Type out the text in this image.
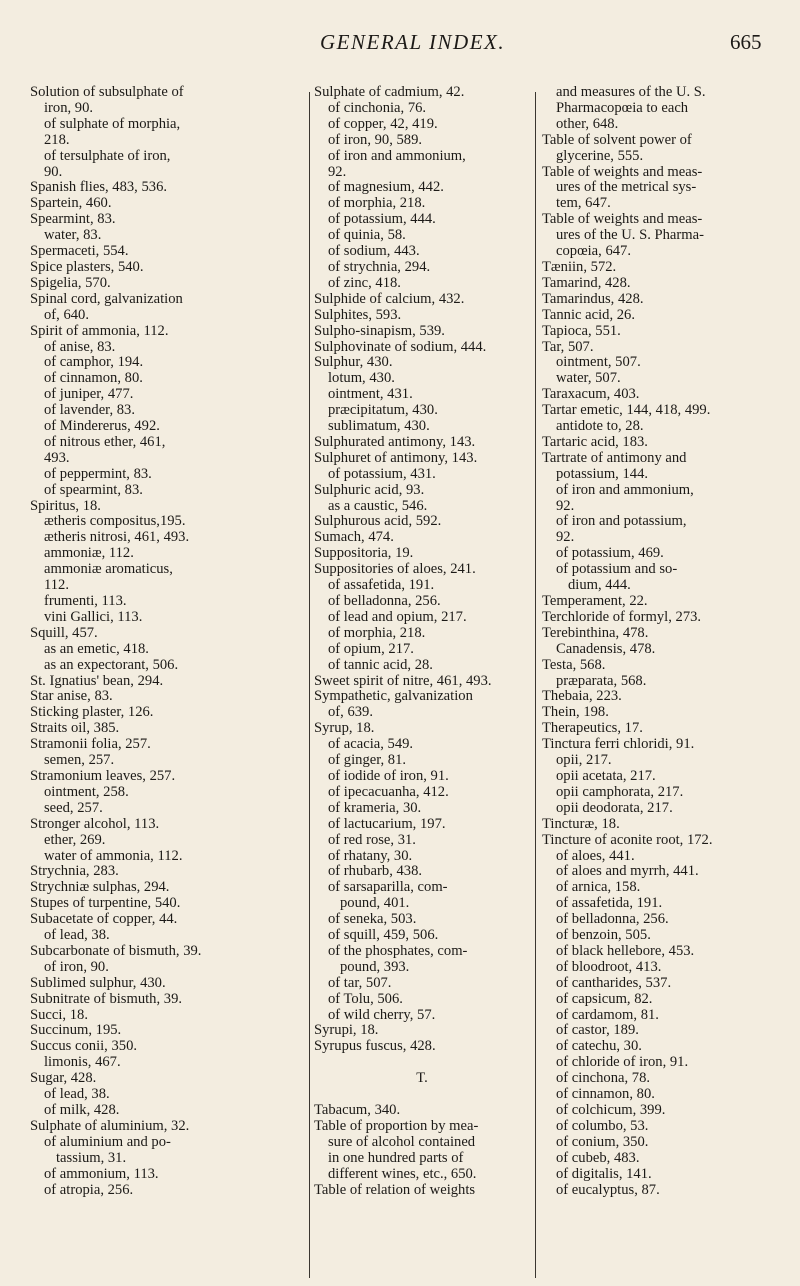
GENERAL INDEX.	665
Solution of subsulphate of
iron, 90.
of sulphate of morphia,
218.
of tersulphate of iron,
90.
Spanish flies, 483, 536.
Spartein, 460.
Spearmint, 83.
water, 83.
Spermaceti, 554.
Spice plasters, 540.
Spigelia, 570.
Spinal cord, galvanization
of, 640.
Spirit of ammonia, 112.
of anise, 83.
of camphor, 194.
of cinnamon, 80.
of juniper, 477.
of lavender, 83.
of Mindererus, 492.
of nitrous ether, 461,
493.
of peppermint, 83.
of spearmint, 83.
Spiritus, 18.
ætheris compositus,195.
ætheris nitrosi, 461, 493.
ammoniæ, 112.
ammoniæ aromaticus,
112.
frumenti, 113.
vini Gallici, 113.
Squill, 457.
as an emetic, 418.
as an expectorant, 506.
St. Ignatius' bean, 294.
Star anise, 83.
Sticking plaster, 126.
Straits oil, 385.
Stramonii folia, 257.
semen, 257.
Stramonium leaves, 257.
ointment, 258.
seed, 257.
Stronger alcohol, 113.
ether, 269.
water of ammonia, 112.
Strychnia, 283.
Strychniæ sulphas, 294.
Stupes of turpentine, 540.
Subacetate of copper, 44.
of lead, 38.
Subcarbonate of bismuth, 39.
of iron, 90.
Sublimed sulphur, 430.
Subnitrate of bismuth, 39.
Succi, 18.
Succinum, 195.
Succus conii, 350.
limonis, 467.
Sugar, 428.
of lead, 38.
of milk, 428.
Sulphate of aluminium, 32.
of aluminium and po-
tassium, 31.
of ammonium, 113.
of atropia, 256.
Sulphate of cadmium, 42.
of cinchonia, 76.
of copper, 42, 419.
of iron, 90, 589.
of iron and ammonium,
92.
of magnesium, 442.
of morphia, 218.
of potassium, 444.
of quinia, 58.
of sodium, 443.
of strychnia, 294.
of zinc, 418.
Sulphide of calcium, 432.
Sulphites, 593.
Sulpho-sinapism, 539.
Sulphovinate of sodium, 444.
Sulphur, 430.
lotum, 430.
ointment, 431.
præcipitatum, 430.
sublimatum, 430.
Sulphurated antimony, 143.
Sulphuret of antimony, 143.
of potassium, 431.
Sulphuric acid, 93.
as a caustic, 546.
Sulphurous acid, 592.
Sumach, 474.
Suppositoria, 19.
Suppositories of aloes, 241.
of assafetida, 191.
of belladonna, 256.
of lead and opium, 217.
of morphia, 218.
of opium, 217.
of tannic acid, 28.
Sweet spirit of nitre, 461, 493.
Sympathetic, galvanization
of, 639.
Syrup, 18.
of acacia, 549.
of ginger, 81.
of iodide of iron, 91.
of ipecacuanha, 412.
of krameria, 30.
of lactucarium, 197.
of red rose, 31.
of rhatany, 30.
of rhubarb, 438.
of sarsaparilla, com-
pound, 401.
of seneka, 503.
of squill, 459, 506.
of the phosphates, com-
pound, 393.
of tar, 507.
of Tolu, 506.
of wild cherry, 57.
Syrupi, 18.
Syrupus fuscus, 428.

T.

Tabacum, 340.
Table of proportion by mea-
sure of alcohol contained
in one hundred parts of
different wines, etc., 650.
Table of relation of weights
and measures of the U. S.
Pharmacopœia to each
other, 648.
Table of solvent power of
glycerine, 555.
Table of weights and meas-
ures of the metrical sys-
tem, 647.
Table of weights and meas-
ures of the U. S. Pharma-
copœia, 647.
Tæniin, 572.
Tamarind, 428.
Tamarindus, 428.
Tannic acid, 26.
Tapioca, 551.
Tar, 507.
ointment, 507.
water, 507.
Taraxacum, 403.
Tartar emetic, 144, 418, 499.
antidote to, 28.
Tartaric acid, 183.
Tartrate of antimony and
potassium, 144.
of iron and ammonium,
92.
of iron and potassium,
92.
of potassium, 469.
of potassium and so-
dium, 444.
Temperament, 22.
Terchloride of formyl, 273.
Terebinthina, 478.
Canadensis, 478.
Testa, 568.
præparata, 568.
Thebaia, 223.
Thein, 198.
Therapeutics, 17.
Tinctura ferri chloridi, 91.
opii, 217.
opii acetata, 217.
opii camphorata, 217.
opii deodorata, 217.
Tincturæ, 18.
Tincture of aconite root, 172.
of aloes, 441.
of aloes and myrrh, 441.
of arnica, 158.
of assafetida, 191.
of belladonna, 256.
of benzoin, 505.
of black hellebore, 453.
of bloodroot, 413.
of cantharides, 537.
of capsicum, 82.
of cardamom, 81.
of castor, 189.
of catechu, 30.
of chloride of iron, 91.
of cinchona, 78.
of cinnamon, 80.
of colchicum, 399.
of columbo, 53.
of conium, 350.
of cubeb, 483.
of digitalis, 141.
of eucalyptus, 87.
